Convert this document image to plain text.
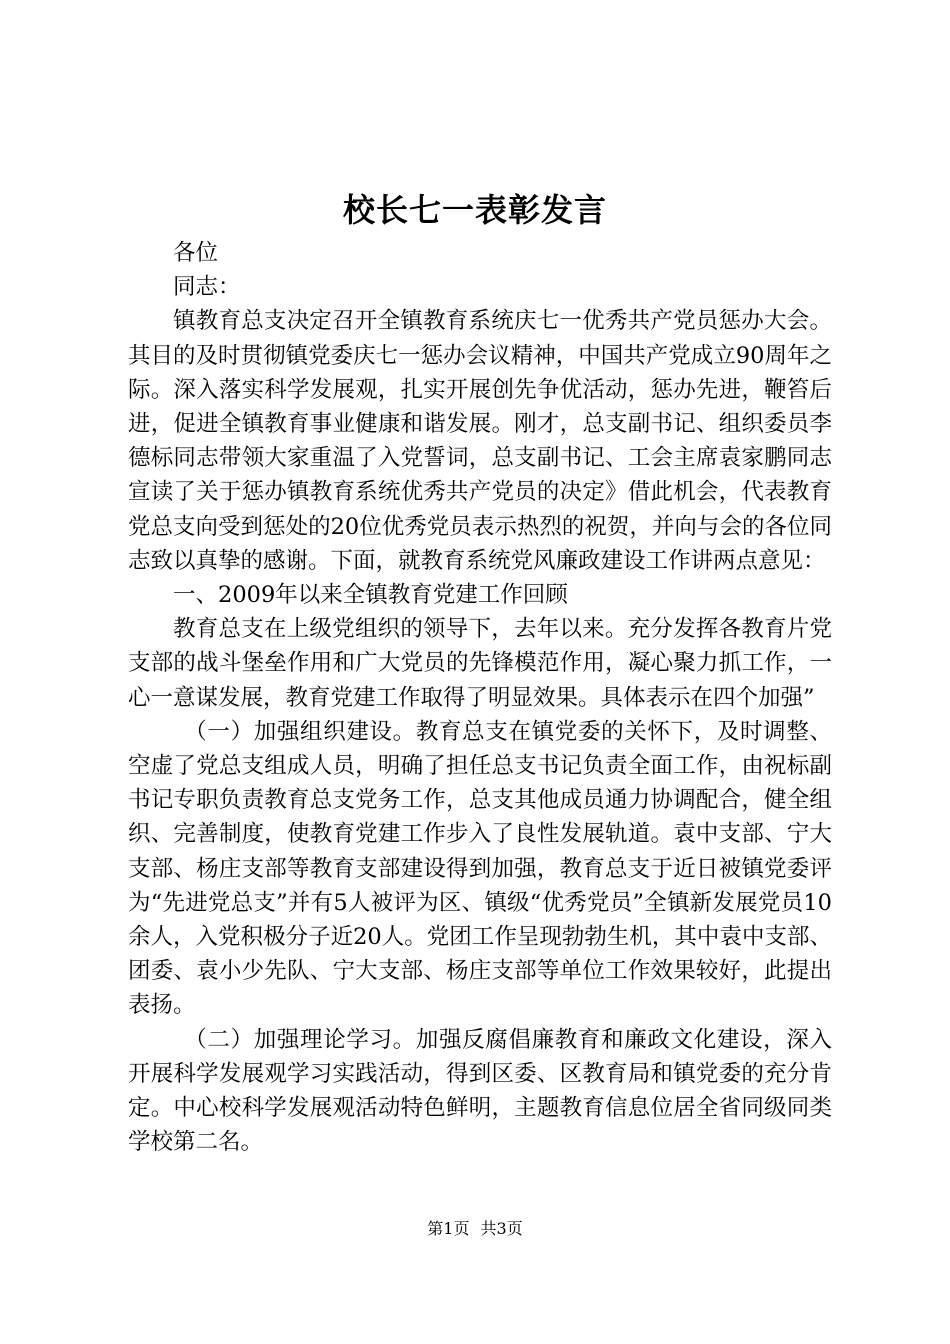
校长七一表彰发言

各位

同志：

镇教育总支决定召开全镇教育系统庆七一优秀共产党员惩办大会。其目的及时贯彻镇党委庆七一惩办会议精神，中国共产党成立90周年之际。深入落实科学发展观，扎实开展创先争优活动，惩办先进，鞭笞后进，促进全镇教育事业健康和谐发展。刚才，总支副书记、组织委员李德标同志带领大家重温了入党誓词，总支副书记、工会主席袁家鹏同志宣读了关于惩办镇教育系统优秀共产党员的决定》借此机会，代表教育党总支向受到惩处的20位优秀党员表示热烈的祝贺，并向与会的各位同志致以真挚的感谢。下面，就教育系统党风廉政建设工作讲两点意见：

一、2009年以来全镇教育党建工作回顾

教育总支在上级党组织的领导下，去年以来。充分发挥各教育片党支部的战斗堡垒作用和广大党员的先锋模范作用，凝心聚力抓工作，一心一意谋发展，教育党建工作取得了明显效果。具体表示在四个加强”

（一）加强组织建设。教育总支在镇党委的关怀下，及时调整、空虚了党总支组成人员，明确了担任总支书记负责全面工作，由祝标副书记专职负责教育总支党务工作，总支其他成员通力协调配合，健全组织、完善制度，使教育党建工作步入了良性发展轨道。袁中支部、宁大支部、杨庄支部等教育支部建设得到加强，教育总支于近日被镇党委评为“先进党总支”并有5人被评为区、镇级“优秀党员”全镇新发展党员10余人，入党积极分子近20人。党团工作呈现勃勃生机，其中袁中支部、团委、袁小少先队、宁大支部、杨庄支部等单位工作效果较好，此提出表扬。

（二）加强理论学习。加强反腐倡廉教育和廉政文化建设，深入开展科学发展观学习实践活动，得到区委、区教育局和镇党委的充分肯定。中心校科学发展观活动特色鲜明，主题教育信息位居全省同级同类学校第二名。

第1页 共3页
